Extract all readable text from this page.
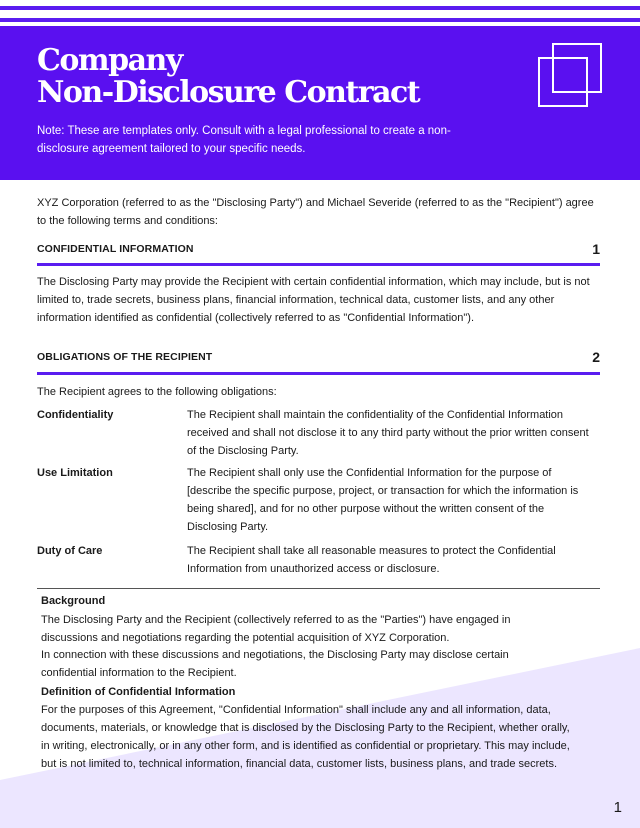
Company
Non-Disclosure Contract

Note: These are templates only. Consult with a legal professional to create a non-disclosure agreement tailored to your specific needs.

XYZ Corporation (referred to as the "Disclosing Party") and Michael Severide (referred to as the "Recipient") agree to the following terms and conditions:

CONFIDENTIAL INFORMATION	1

The Disclosing Party may provide the Recipient with certain confidential information, which may include, but is not limited to, trade secrets, business plans, financial information, technical data, customer lists, and any other information identified as confidential (collectively referred to as "Confidential Information").

OBLIGATIONS OF THE RECIPIENT	2

The Recipient agrees to the following obligations:

Confidentiality	The Recipient shall maintain the confidentiality of the Confidential Information received and shall not disclose it to any third party without the prior written consent of the Disclosing Party.

Use Limitation	The Recipient shall only use the Confidential Information for the purpose of [describe the specific purpose, project, or transaction for which the information is being shared], and for no other purpose without the written consent of the Disclosing Party.

Duty of Care	The Recipient shall take all reasonable measures to protect the Confidential Information from unauthorized access or disclosure.

Background

The Disclosing Party and the Recipient (collectively referred to as the "Parties") have engaged in discussions and negotiations regarding the potential acquisition of XYZ Corporation.

In connection with these discussions and negotiations, the Disclosing Party may disclose certain confidential information to the Recipient.

Definition of Confidential Information

For the purposes of this Agreement, "Confidential Information" shall include any and all information, data, documents, materials, or knowledge that is disclosed by the Disclosing Party to the Recipient, whether orally, in writing, electronically, or in any other form, and is identified as confidential or proprietary. This may include, but is not limited to, technical information, financial data, customer lists, business plans, and trade secrets.

1
